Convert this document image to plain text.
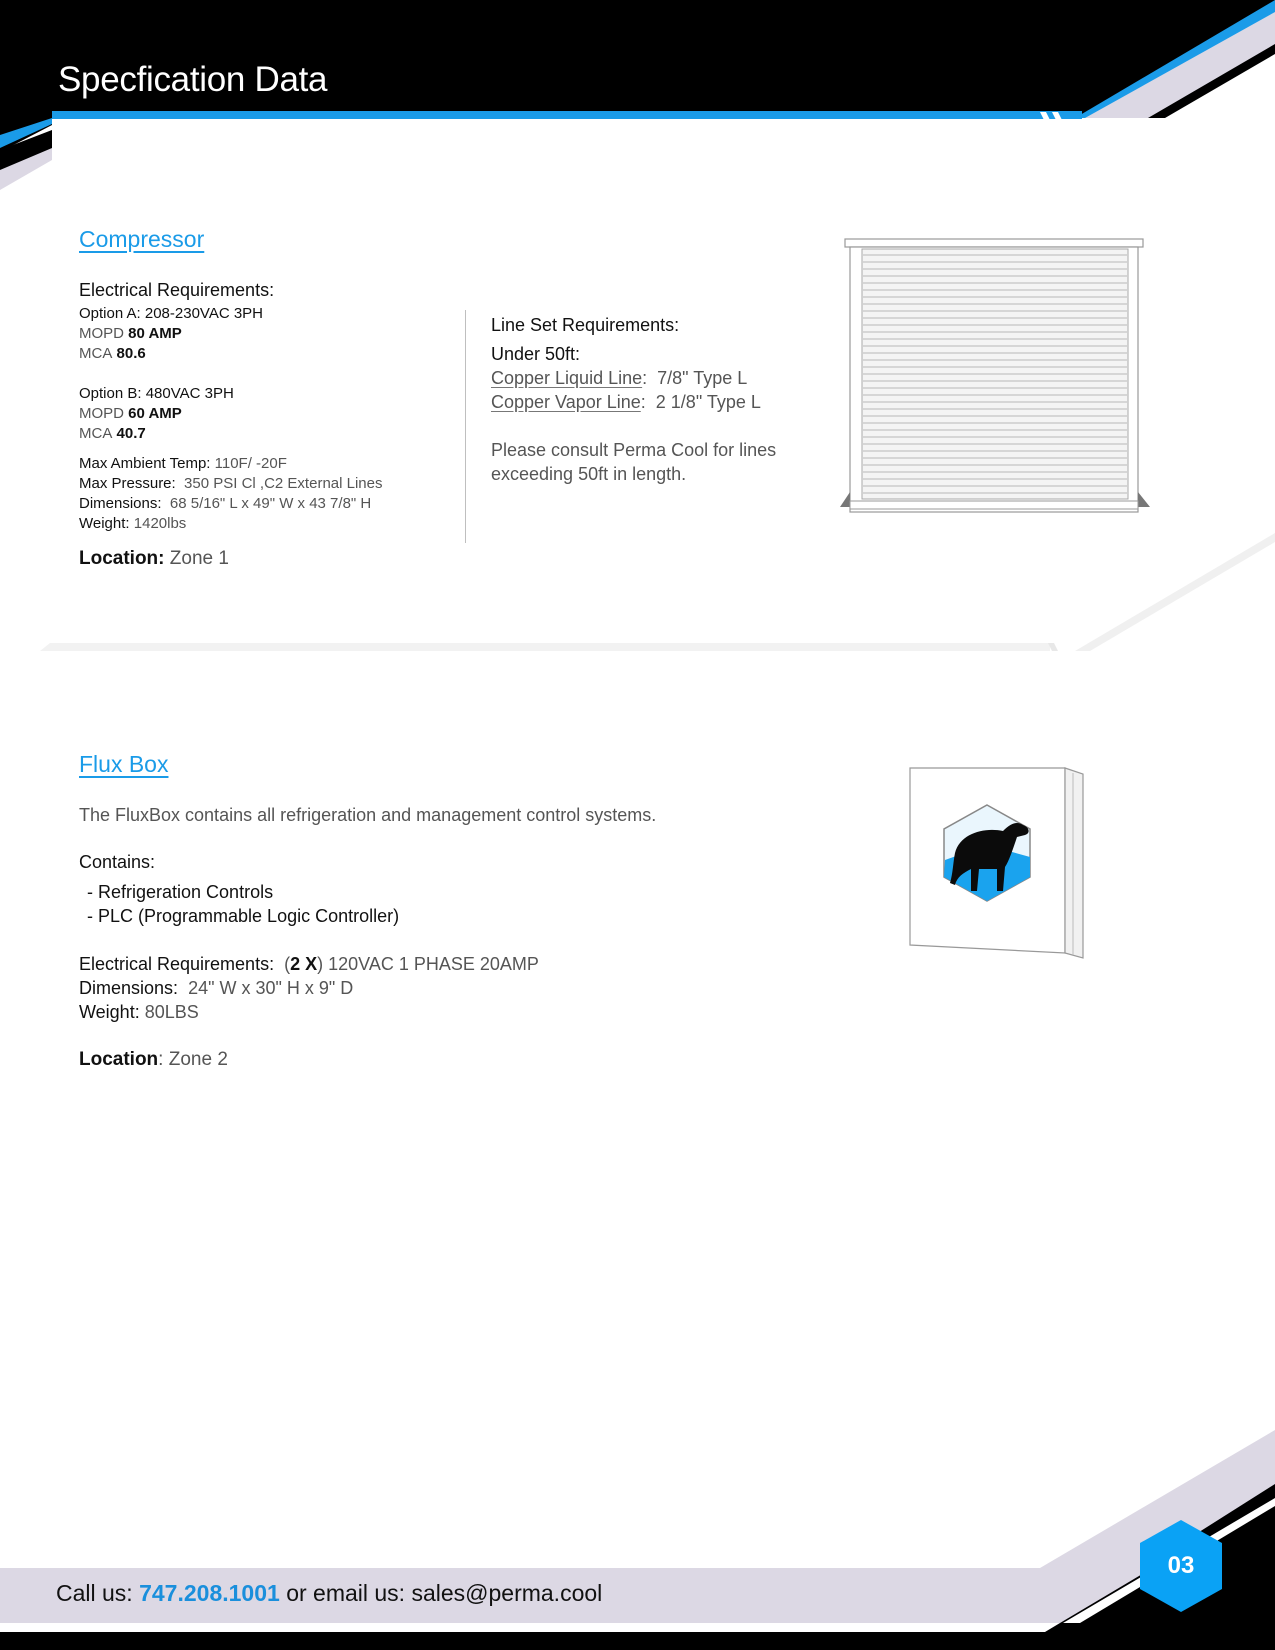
Specfication Data
Compressor
Electrical Requirements:
Option A: 208-230VAC 3PH
MOPD 80 AMP
MCA 80.6
Option B: 480VAC 3PH
MOPD 60 AMP
MCA 40.7
Max Ambient Temp: 110F/ -20F
Max Pressure: 350 PSI Cl ,C2 External Lines
Dimensions: 68 5/16" L x 49" W x 43 7/8" H
Weight: 1420lbs
Location: Zone 1
Line Set Requirements:
Under 50ft:
Copper Liquid Line:  7/8" Type L
Copper Vapor Line:  2 1/8" Type L
Please consult Perma Cool for lines
exceeding 50ft in length.
Flux Box
The FluxBox contains all refrigeration and management control systems.
Contains:
- Refrigeration Controls
- PLC (Programmable Logic Controller)
Electrical Requirements: (2 X) 120VAC 1 PHASE 20AMP
Dimensions: 24" W x 30" H x 9" D
Weight: 80LBS
Location: Zone 2
Call us: 747.208.1001 or email us: sales@perma.cool
03
